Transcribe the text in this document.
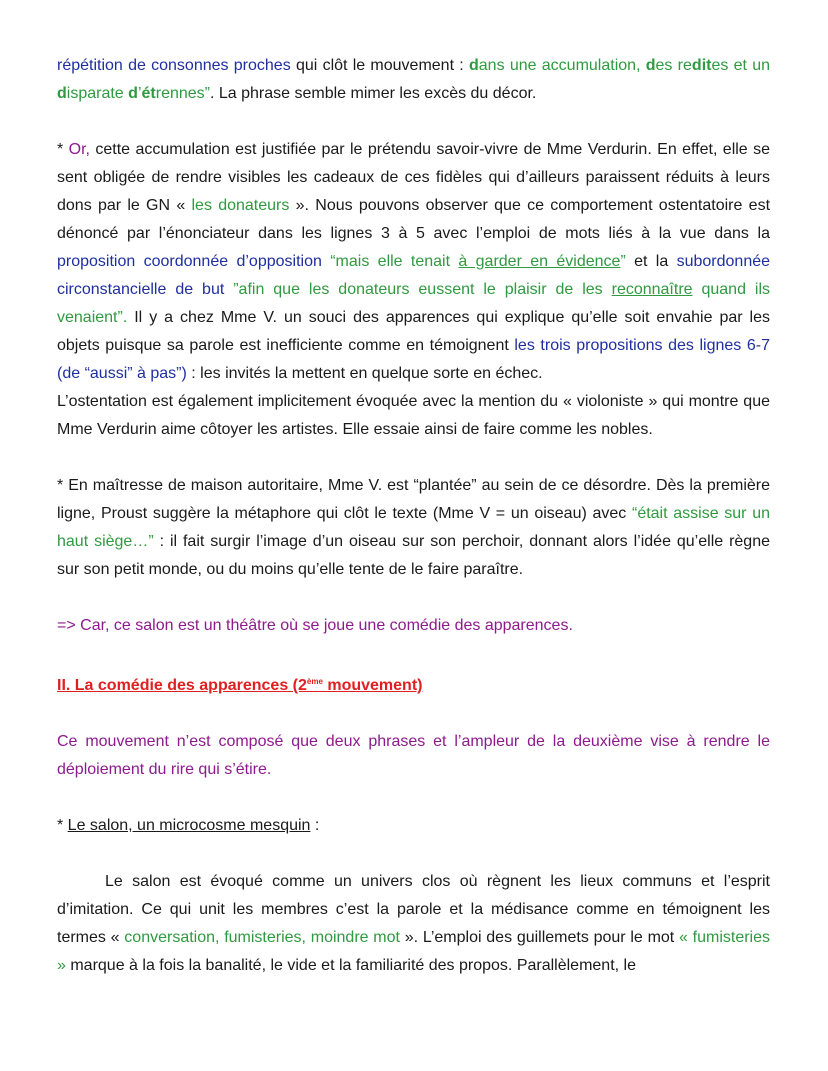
répétition de consonnes proches qui clôt le mouvement : dans une accumulation, des redites et un disparate d’étrennes”. La phrase semble mimer les excès du décor.

* Or, cette accumulation est justifiée par le prétendu savoir-vivre de Mme Verdurin. En effet, elle se sent obligée de rendre visibles les cadeaux de ces fidèles qui d’ailleurs paraissent réduits à leurs dons par le GN « les donateurs ». Nous pouvons observer que ce comportement ostentatoire est dénoncé par l’énonciateur dans les lignes 3 à 5 avec l’emploi de mots liés à la vue dans la proposition coordonnée d’opposition “mais elle tenait à garder en évidence” et la subordonnée circonstancielle de but ”afin que les donateurs eussent le plaisir de les reconnaître quand ils venaient”. Il y a chez Mme V. un souci des apparences qui explique qu’elle soit envahie par les objets puisque sa parole est inefficiente comme en témoignent les trois propositions des lignes 6-7 (de “aussi” à pas”) : les invités la mettent en quelque sorte en échec.

L’ostentation est également implicitement évoquée avec la mention du « violoniste » qui montre que Mme Verdurin aime côtoyer les artistes. Elle essaie ainsi de faire comme les nobles.

* En maîtresse de maison autoritaire, Mme V. est “plantée” au sein de ce désordre. Dès la première ligne, Proust suggère la métaphore qui clôt le texte (Mme V = un oiseau) avec “était assise sur un haut siège…” : il fait surgir l’image d’un oiseau sur son perchoir, donnant alors l’idée qu’elle règne sur son petit monde, ou du moins qu’elle tente de le faire paraître.

=> Car, ce salon est un théâtre où se joue une comédie des apparences.

II. La comédie des apparences (2ème mouvement)

Ce mouvement n’est composé que deux phrases et l’ampleur de la deuxième vise à rendre le déploiement du rire qui s’étire.

* Le salon, un microcosme mesquin :

Le salon est évoqué comme un univers clos où règnent les lieux communs et l’esprit d’imitation. Ce qui unit les membres c’est la parole et la médisance comme en témoignent les termes « conversation, fumisteries, moindre mot ». L’emploi des guillemets pour le mot « fumisteries » marque à la fois la banalité, le vide et la familiarité des propos. Parallèlement, le
